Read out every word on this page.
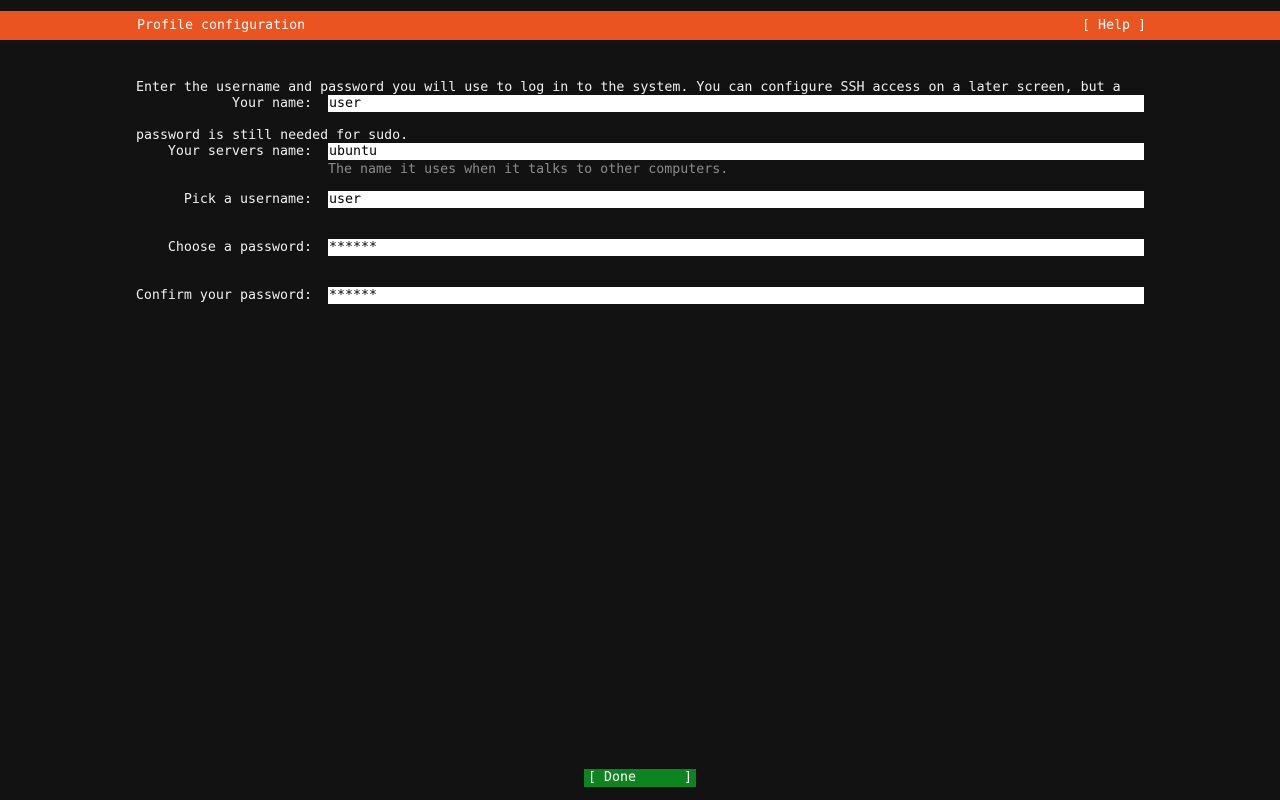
Profile configuration	[ Help ]

Enter the username and password you will use to log in to the system. You can configure SSH access on a later screen, but a

password is still needed for sudo.

Your name:
user
Your servers name:
ubuntu
The name it uses when it talks to other computers.
Pick a username:
user
Choose a password:
******
Confirm your password:
******
[ Done	]
